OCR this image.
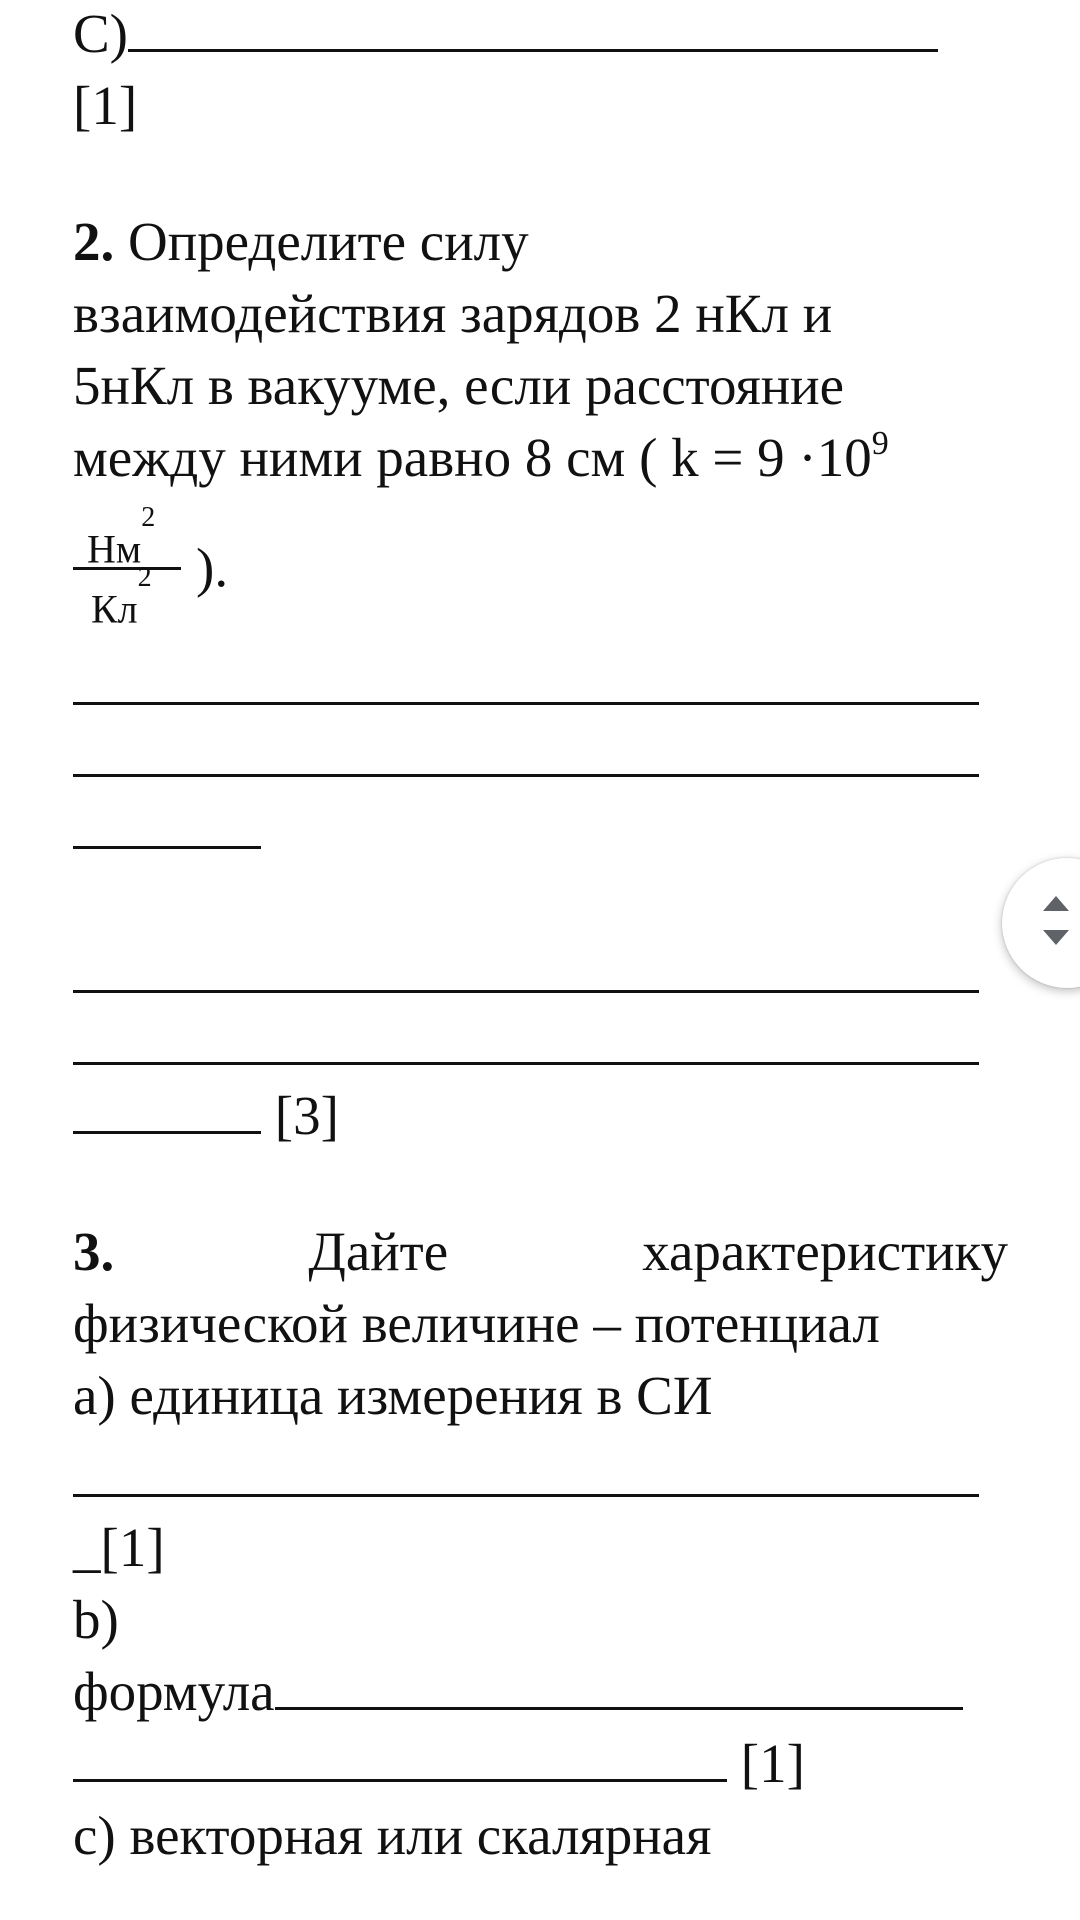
C)
[1]
2. Определите силу
взаимодействия зарядов 2 нКл и
5нКл в вакууме, если расстояние
между ними равно 8 см ( $k = 9 \cdot 10^9$
$Нм^2$
$Кл^2$ ).
[3]
3.	Дайте	характеристику
физической величине – потенциал
a) единица измерения в СИ
_[1]
b)
формула
[1]
c) векторная или скалярная
